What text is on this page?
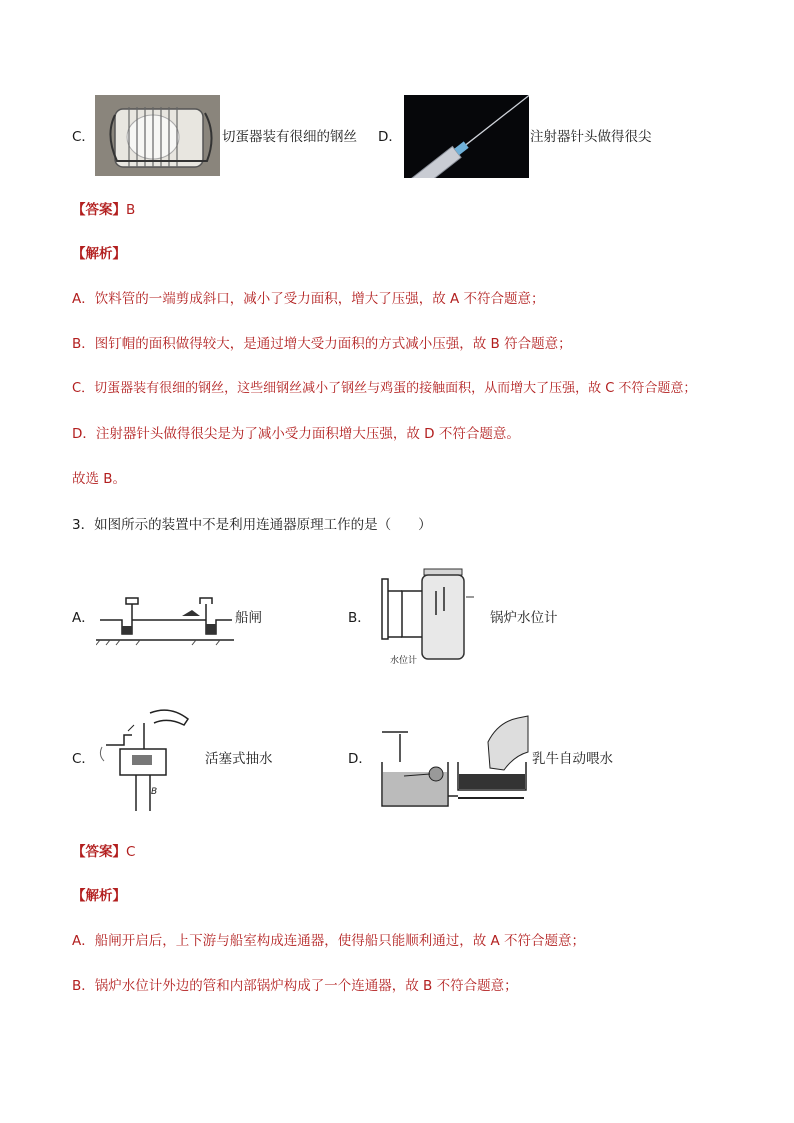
C．	切蛋器装有很细的钢丝 D．	注射器针头做得很尖
【答案】B
【解析】
A．饮料管的一端剪成斜口，减小了受力面积，增大了压强，故 A 不符合题意；
B．图钉帽的面积做得较大，是通过增大受力面积的方式减小压强，故 B 符合题意；
C．切蛋器装有很细的钢丝，这些细钢丝减小了钢丝与鸡蛋的接触面积，从而增大了压强，故 C 不符合题意；
D．注射器针头做得很尖是为了减小受力面积增大压强，故 D 不符合题意。
故选 B。
3．如图所示的装置中不是利用连通器原理工作的是（　　）
A．	船闸	B．
水位计
锅炉水位计
C．
B
活塞式抽水	D．	乳牛自动喂水
【答案】C
【解析】
A．船闸开启后，上下游与船室构成连通器，使得船只能顺利通过，故 A 不符合题意；
B．锅炉水位计外边的管和内部锅炉构成了一个连通器，故 B 不符合题意；
